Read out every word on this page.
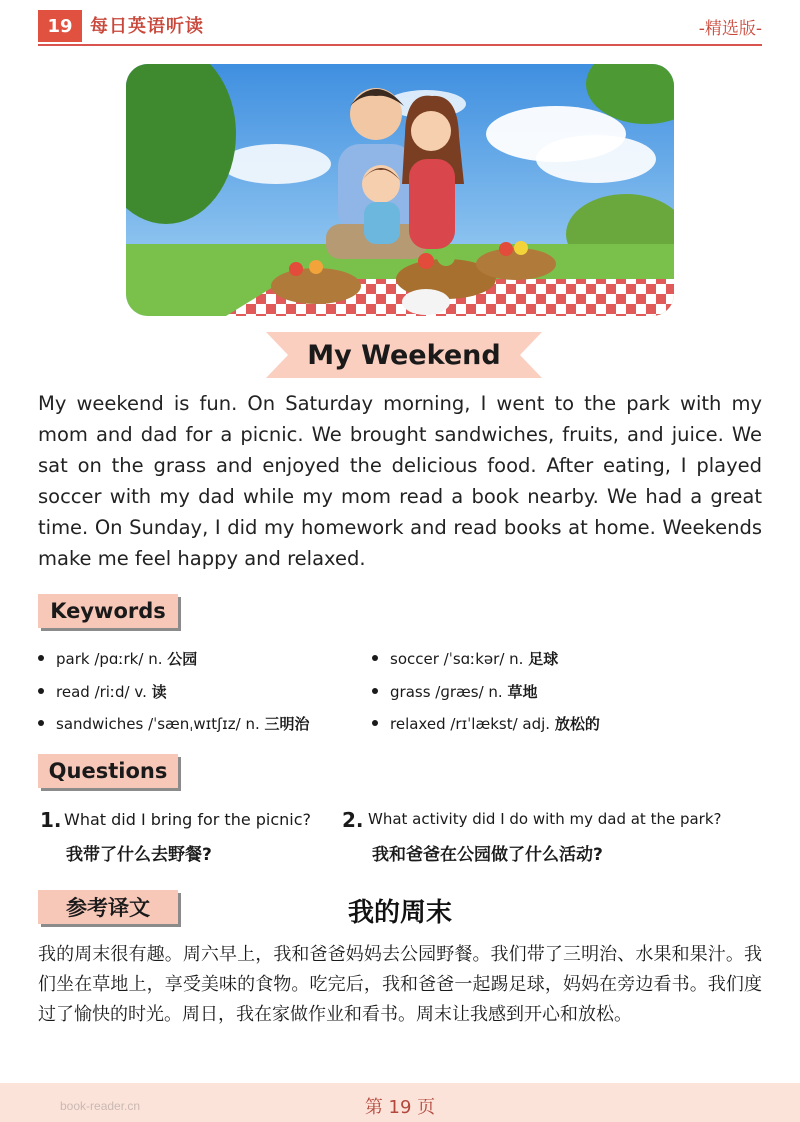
19 每日英语听读	-精选版-
My Weekend

My weekend is fun. On Saturday morning, I went to the park with my mom and dad for a picnic. We brought sandwiches, fruits, and juice. We sat on the grass and enjoyed the delicious food. After eating, I played soccer with my dad while my mom read a book nearby. We had a great time. On Sunday, I did my homework and read books at home. Weekends make me feel happy and relaxed.

Keywords
park /pɑːrk/ n. 公园	soccer /ˈsɑːkər/ n. 足球
read /riːd/ v. 读	grass /ɡræs/ n. 草地
sandwiches /ˈsænˌwɪtʃɪz/ n. 三明治	relaxed /rɪˈlækst/ adj. 放松的
Questions
1. What did I bring for the picnic?
我带了什么去野餐?
2. What activity did I do with my dad at the park?
我和爸爸在公园做了什么活动?
参考译文	我的周末

我的周末很有趣。周六早上，我和爸爸妈妈去公园野餐。我们带了三明治、水果和果汁。我们坐在草地上，享受美味的食物。吃完后，我和爸爸一起踢足球，妈妈在旁边看书。我们度过了愉快的时光。周日，我在家做作业和看书。周末让我感到开心和放松。

book-reader.cn	第 19 页
